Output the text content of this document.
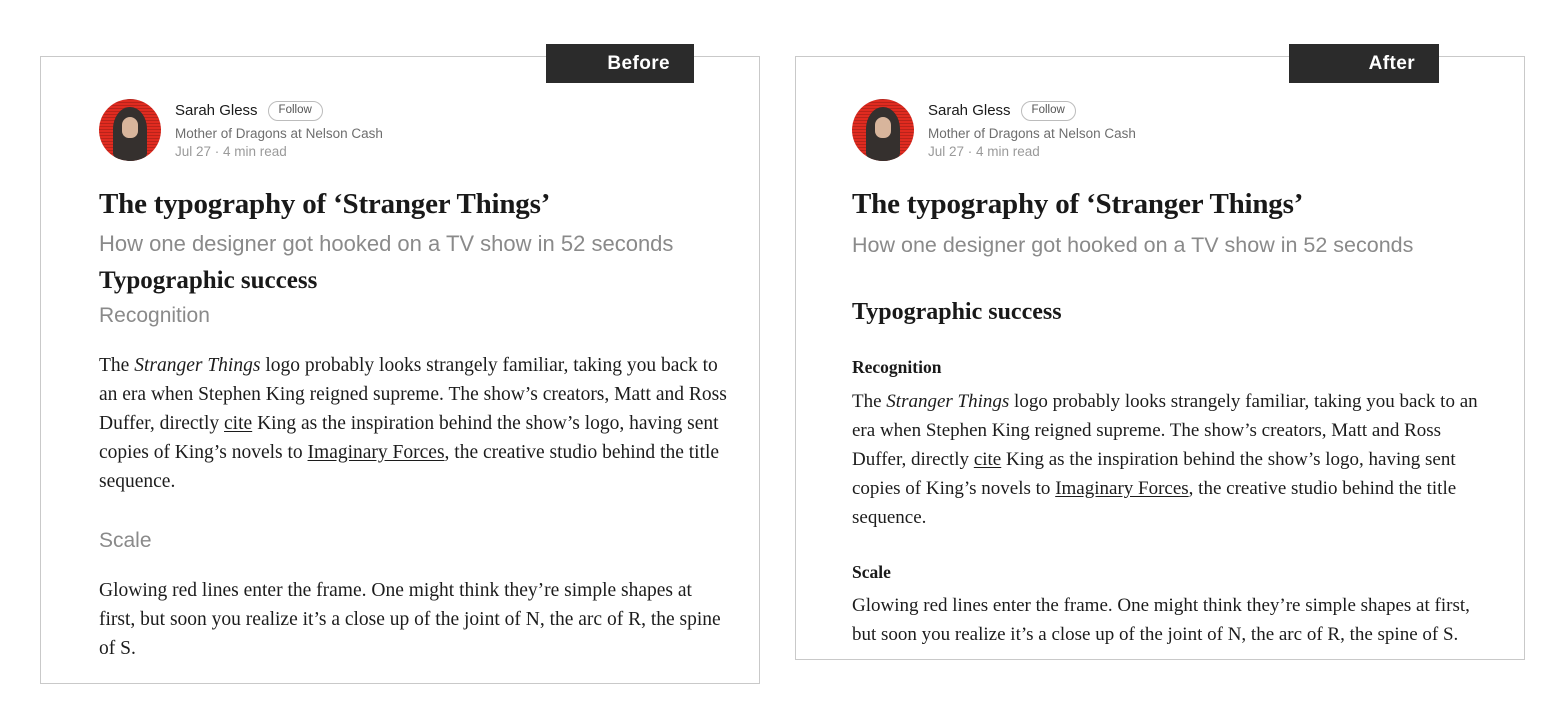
Sarah Gless	Follow
Mother of Dragons at Nelson Cash
Jul 27 · 4 min read
The typography of ‘Stranger Things’
How one designer got hooked on a TV show in 52 seconds
Typographic success
Recognition

The Stranger Things logo probably looks strangely familiar, taking you back to an era when Stephen King reigned supreme. The show’s creators, Matt and Ross Duffer, directly cite King as the inspiration behind the show’s logo, having sent copies of King’s novels to Imaginary Forces, the creative studio behind the title sequence.

Scale

Glowing red lines enter the frame. One might think they’re simple shapes at first, but soon you realize it’s a close up of the joint of N, the arc of R, the spine of S.

Before
Sarah Gless	Follow
Mother of Dragons at Nelson Cash
Jul 27 · 4 min read
The typography of ‘Stranger Things’
How one designer got hooked on a TV show in 52 seconds
Typographic success
Recognition

The Stranger Things logo probably looks strangely familiar, taking you back to an era when Stephen King reigned supreme. The show’s creators, Matt and Ross Duffer, directly cite King as the inspiration behind the show’s logo, having sent copies of King’s novels to Imaginary Forces, the creative studio behind the title sequence.

Scale

Glowing red lines enter the frame. One might think they’re simple shapes at first, but soon you realize it’s a close up of the joint of N, the arc of R, the spine of S.

After
